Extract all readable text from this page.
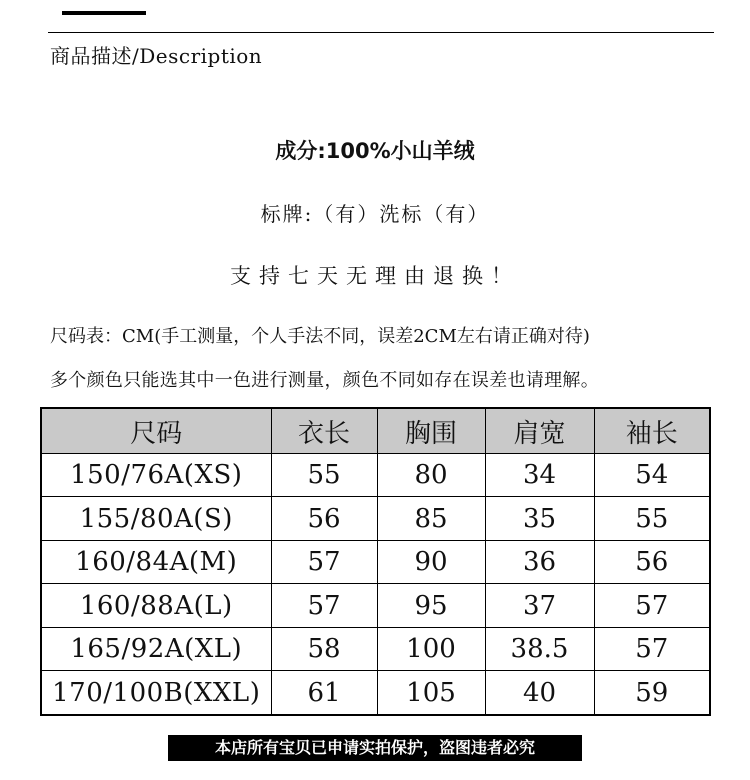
商品描述/Description
成分:100%小山羊绒
标牌:（有）洗标（有）
支持七天无理由退换！
尺码表：CM(手工测量，个人手法不同，误差2CM左右请正确对待)
多个颜色只能选其中一色进行测量，颜色不同如存在误差也请理解。
尺码	衣长	胸围	肩宽	袖长
150/76A(XS)	55	80	34	54
155/80A(S)	56	85	35	55
160/84A(M)	57	90	36	56
160/88A(L)	57	95	37	57
165/92A(XL)	58	100	38.5	57
170/100B(XXL)	61	105	40	59
本店所有宝贝已申请实拍保护，盗图违者必究
